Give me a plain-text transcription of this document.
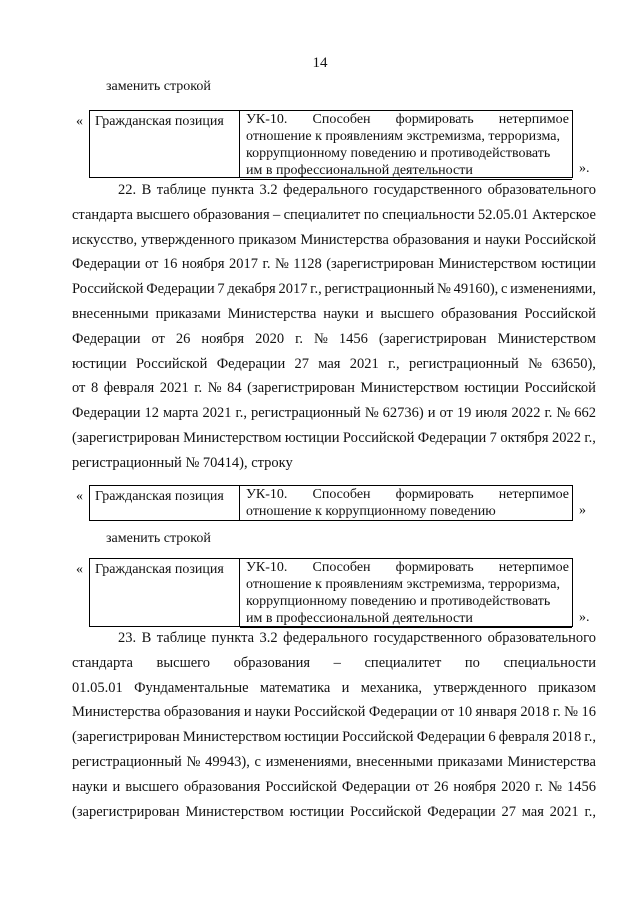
14
заменить строкой
« Гражданская позиция	УК-10. Способен формировать нетерпимое
отношение к проявлениям экстремизма, терроризма,
коррупционному поведению и противодействовать
им в профессиональной деятельности	».
22. В таблице пункта 3.2 федерального государственного образовательного
стандарта высшего образования – специалитет по специальности 52.05.01 Актерское
искусство, утвержденного приказом Министерства образования и науки Российской
Федерации от 16 ноября 2017 г. № 1128 (зарегистрирован Министерством юстиции
Российской Федерации 7 декабря 2017 г., регистрационный № 49160), с изменениями,
внесенными приказами Министерства науки и высшего образования Российской
Федерации от 26 ноября 2020 г. № 1456 (зарегистрирован Министерством
юстиции Российской Федерации 27 мая 2021 г., регистрационный № 63650),
от 8 февраля 2021 г. № 84 (зарегистрирован Министерством юстиции Российской
Федерации 12 марта 2021 г., регистрационный № 62736) и от 19 июля 2022 г. № 662
(зарегистрирован Министерством юстиции Российской Федерации 7 октября 2022 г.,
регистрационный № 70414), строку
« Гражданская позиция	УК-10. Способен формировать нетерпимое
отношение к коррупционному поведению	»
заменить строкой
« Гражданская позиция	УК-10. Способен формировать нетерпимое
отношение к проявлениям экстремизма, терроризма,
коррупционному поведению и противодействовать
им в профессиональной деятельности	».
23. В таблице пункта 3.2 федерального государственного образовательного
стандарта высшего образования – специалитет по специальности
01.05.01 Фундаментальные математика и механика, утвержденного приказом
Министерства образования и науки Российской Федерации от 10 января 2018 г. № 16
(зарегистрирован Министерством юстиции Российской Федерации 6 февраля 2018 г.,
регистрационный № 49943), с изменениями, внесенными приказами Министерства
науки и высшего образования Российской Федерации от 26 ноября 2020 г. № 1456
(зарегистрирован Министерством юстиции Российской Федерации 27 мая 2021 г.,
